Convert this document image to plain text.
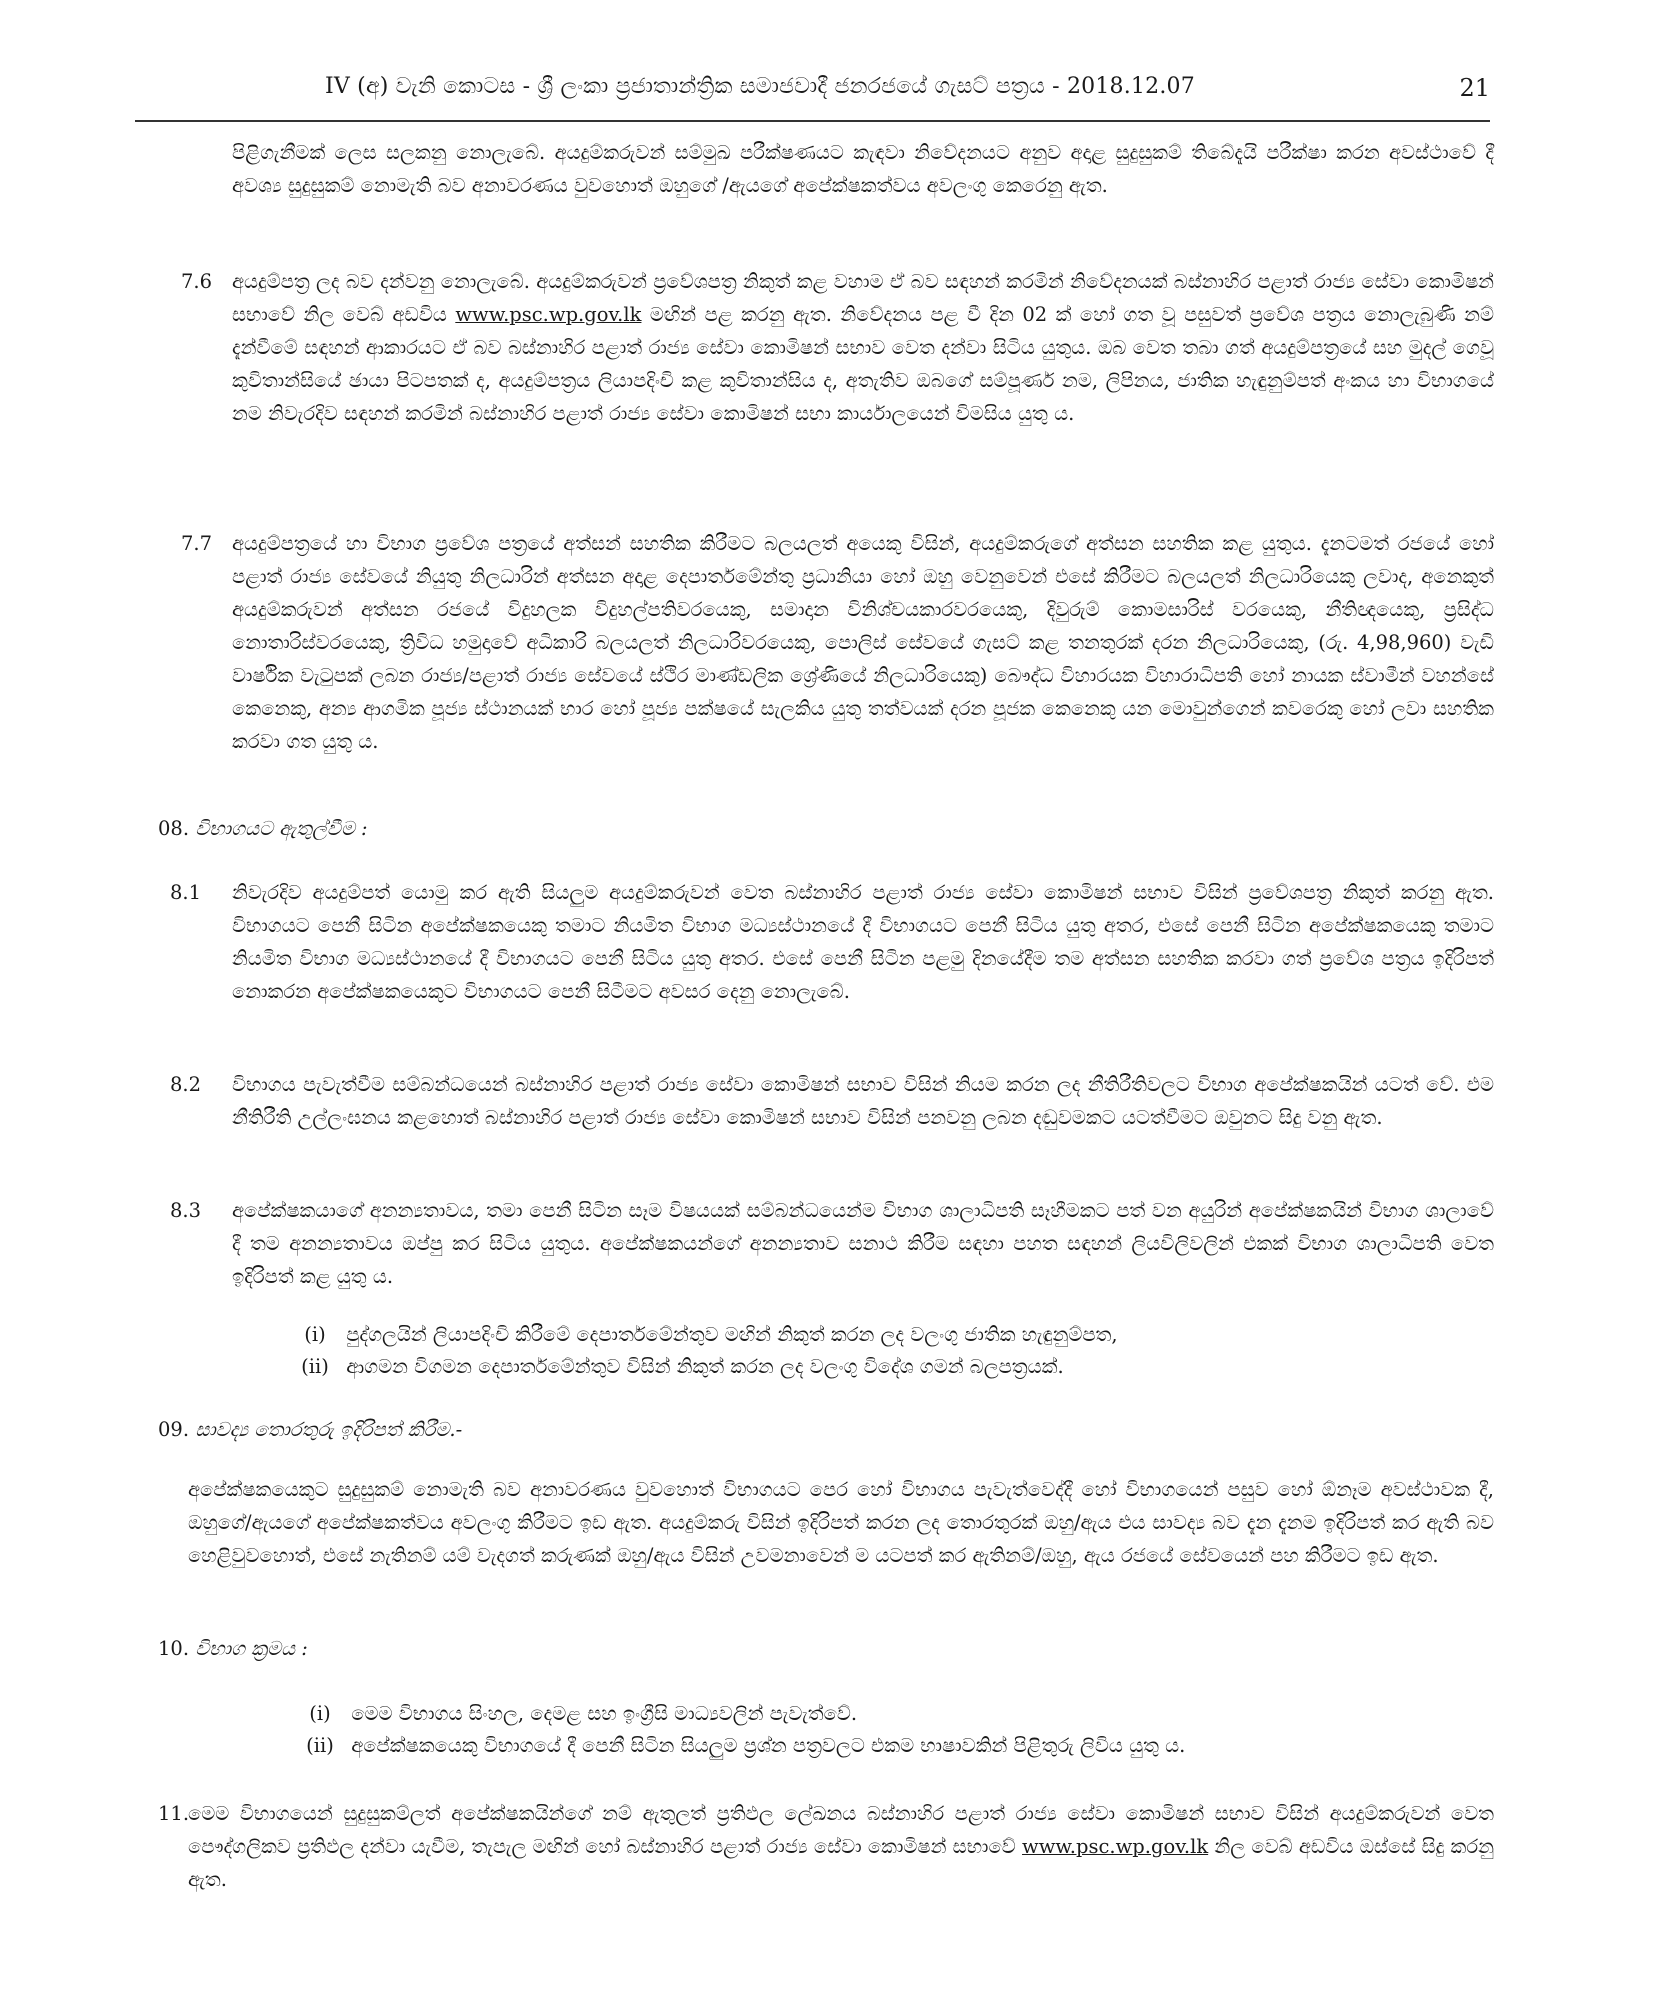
IV (අ) වැනි කොටස - ශ්‍රී ලංකා ප්‍රජාතාන්ත්‍රික සමාජවාදී ජනරජයේ ගැසට් පත්‍රය - 2018.12.07	21
පිළිගැනීමක් ලෙස සලකනු නොලැබේ. අයදුම්කරුවන් සම්මුඛ පරීක්ෂණයට කැඳවා නිවේදනයට අනුව අදාළ සුදුසුකම් තිබේදැයි පරීක්ෂා කරන අවස්ථාවේ දී අවශ්‍ය සුදුසුකම් නොමැති බව අනාවරණය වුවහොත් ඔහුගේ /ඇයගේ අපේක්ෂකත්වය අවලංගු කෙරෙනු ඇත.
7.6 අයදුම්පත්‍ර ලද බව දන්වනු නොලැබේ. අයදුම්කරුවන් ප්‍රවේශපත්‍ර නිකුත් කළ වහාම ඒ බව සඳහන් කරමින් නිවේදනයක් බස්නාහිර පළාත් රාජ්‍ය සේවා කොමිෂන් සභාවේ නිල වෙබ් අඩවිය www.psc.wp.gov.lk මඟින් පළ කරනු ඇත. නිවේදනය පළ වී දින 02 ක් හෝ ගත වූ පසුවත් ප්‍රවේශ පත්‍රය නොලැබුණි නම් දැන්වීමේ සඳහන් ආකාරයට ඒ බව බස්නාහිර පළාත් රාජ්‍ය සේවා කොමිෂන් සභාව වෙත දන්වා සිටිය යුතුය. ඔබ වෙත තබා ගත් අයදුම්පත්‍රයේ සහ මුදල් ගෙවූ කුවිතාන්සියේ ඡායා පිටපතක් ද, අයදුම්පත්‍රය ලියාපදිංචි කළ කුවිතාන්සිය ද, අතැතිව ඔබගේ සම්පූර්ණ නම, ලිපිනය, ජාතික හැඳුනුම්පත් අංකය හා විභාගයේ නම නිවැරදිව සඳහන් කරමින් බස්නාහිර පළාත් රාජ්‍ය සේවා කොමිෂන් සභා කාර්යාලයෙන් විමසිය යුතු ය.
7.7 අයදුම්පත්‍රයේ හා විභාග ප්‍රවේශ පත්‍රයේ අත්සන් සහතික කිරීමට බලයලත් අයෙකු විසින්, අයදුම්කරුගේ අත්සන සහතික කළ යුතුය. දැනටමත් රජයේ හෝ පළාත් රාජ්‍ය සේවයේ නියුතු නිලධාරින් අත්සන අදාළ දෙපාර්තමේන්තු ප්‍රධානියා හෝ ඔහු වෙනුවෙන් එසේ කිරීමට බලයලත් නිලධාරියෙකු ලවාද, අනෙකුත් අයදුම්කරුවන් අත්සන රජයේ විදුහලක විදුහල්පතිවරයෙකු, සමාදාන විනිශ්චයකාරවරයෙකු, දිවුරුම් කොමසාරිස් වරයෙකු, නීතිඥයෙකු, ප්‍රසිද්ධ නොතාරිස්වරයෙකු, ත්‍රිවිධ හමුදාවේ අධිකාරි බලයලත් නිලධාරිවරයෙකු, පොලිස් සේවයේ ගැසට් කළ තනතුරක් දරන නිලධාරියෙකු, (රු. 4,98,960) වැඩි වාර්ෂික වැටුපක් ලබන රාජ්‍ය/පළාත් රාජ්‍ය සේවයේ ස්ථිර මාණ්ඩලික ශ්‍රේණියේ නිලධාරියෙකු) බෞද්ධ විහාරයක විහාරාධිපති හෝ නායක ස්වාමීන් වහන්සේ කෙනෙකු, අන්‍ය ආගමික පූජ්‍ය ස්ථානයක් භාර හෝ පූජ්‍ය පක්ෂයේ සැලකිය යුතු තත්වයක් දරන පූජක කෙනෙකු යන මොවුන්ගෙන් කවරෙකු හෝ ලවා සහතික කරවා ගත යුතු ය.
08. විභාගයට ඇතුල්වීම :
8.1 නිවැරදිව අයදුම්පත් යොමු කර ඇති සියලුම අයදුම්කරුවන් වෙත බස්නාහිර පළාත් රාජ්‍ය සේවා කොමිෂන් සභාව විසින් ප්‍රවේශපත්‍ර නිකුත් කරනු ඇත. විභාගයට පෙනී සිටින අපේක්ෂකයෙකු තමාට නියමිත විභාග මධ්‍යස්ථානයේ දී විභාගයට පෙනී සිටිය යුතු අතර, එසේ පෙනී සිටින අපේක්ෂකයෙකු තමාට නියමිත විභාග මධ්‍යස්ථානයේ දී විභාගයට පෙනී සිටිය යුතු අතර. එසේ පෙනී සිටින පළමු දිනයේදීම තම අත්සන සහතික කරවා ගත් ප්‍රවේශ පත්‍රය ඉදිරිපත් නොකරන අපේක්ෂකයෙකුට විභාගයට පෙනී සිටීමට අවසර දෙනු නොලැබේ.
8.2 විභාගය පැවැත්වීම සම්බන්ධයෙන් බස්නාහිර පළාත් රාජ්‍ය සේවා කොමිෂන් සභාව විසින් නියම කරන ලද නීතිරීතිවලට විභාග අපේක්ෂකයින් යටත් වේ. එම නීතිරීති උල්ලංඝනය කළහොත් බස්නාහිර පළාත් රාජ්‍ය සේවා කොමිෂන් සභාව විසින් පනවනු ලබන දඬුවමකට යටත්වීමට ඔවුනට සිදු වනු ඇත.
8.3 අපේක්ෂකයාගේ අනන්‍යතාවය, තමා පෙනී සිටින සෑම විෂයයක් සම්බන්ධයෙන්ම විභාග ශාලාධිපති සෑහීමකට පත් වන අයුරින් අපේක්ෂකයින් විභාග ශාලාවේ දී තම අනන්‍යතාවය ඔප්පු කර සිටිය යුතුය. අපේක්ෂකයන්ගේ අනන්‍යතාව සනාථ කිරීම සඳහා පහත සඳහන් ලියවිලිවලින් එකක් විභාග ශාලාධිපති වෙත ඉදිරිපත් කළ යුතු ය.
(i) පුද්ගලයින් ලියාපදිංචි කිරීමේ දෙපාර්තමේන්තුව මඟින් නිකුත් කරන ලද වලංගු ජාතික හැඳුනුම්පත,
(ii) ආගමන විගමන දෙපාර්තමේන්තුව විසින් නිකුත් කරන ලද වලංගු විදේශ ගමන් බලපත්‍රයක්.
09. සාවද්‍ය තොරතුරු ඉදිරිපත් කිරීම.-
අපේක්ෂකයෙකුට සුදුසුකම් නොමැති බව අනාවරණය වුවහොත් විභාගයට පෙර හෝ විභාගය පැවැත්වෙද්දී හෝ විභාගයෙන් පසුව හෝ ඕනෑම අවස්ථාවක දී, ඔහුගේ/ඇයගේ අපේක්ෂකත්වය අවලංගු කිරීමට ඉඩ ඇත. අයදුම්කරු විසින් ඉදිරිපත් කරන ලද තොරතුරක් ඔහු/ඇය එය සාවද්‍ය බව දැන දැනම ඉදිරිපත් කර ඇති බව හෙළිවුවහොත්, එසේ නැතිනම් යම් වැදගත් කරුණක් ඔහු/ඇය විසින් උවමනාවෙන් ම යටපත් කර ඇතිනම්/ඔහු, ඇය රජයේ සේවයෙන් පහ කිරීමට ඉඩ ඇත.
10. විභාග ක්‍රමය :
(i) මෙම විභාගය සිංහල, දෙමළ සහ ඉංග්‍රීසි මාධ්‍යවලින් පැවැත්වේ.
(ii) අපේක්ෂකයෙකු විභාගයේ දී පෙනී සිටින සියලුම ප්‍රශ්න පත්‍රවලට එකම භාෂාවකින් පිළිතුරු ලිවිය යුතු ය.
11.
මෙම විභාගයෙන් සුදුසුකම්ලත් අපේක්ෂකයින්ගේ නම් ඇතුලත් ප්‍රතිඵල ලේඛනය බස්නාහිර පළාත් රාජ්‍ය සේවා කොමිෂන් සභාව විසින් අයදුම්කරුවන් වෙත පෞද්ගලිකව ප්‍රතිඵල දන්වා යැවීම, තැපැල මඟින් හෝ බස්නාහිර පළාත් රාජ්‍ය සේවා කොමිෂන් සභාවේ www.psc.wp.gov.lk නිල වෙබ් අඩවිය ඔස්සේ සිදු කරනු ඇත.
